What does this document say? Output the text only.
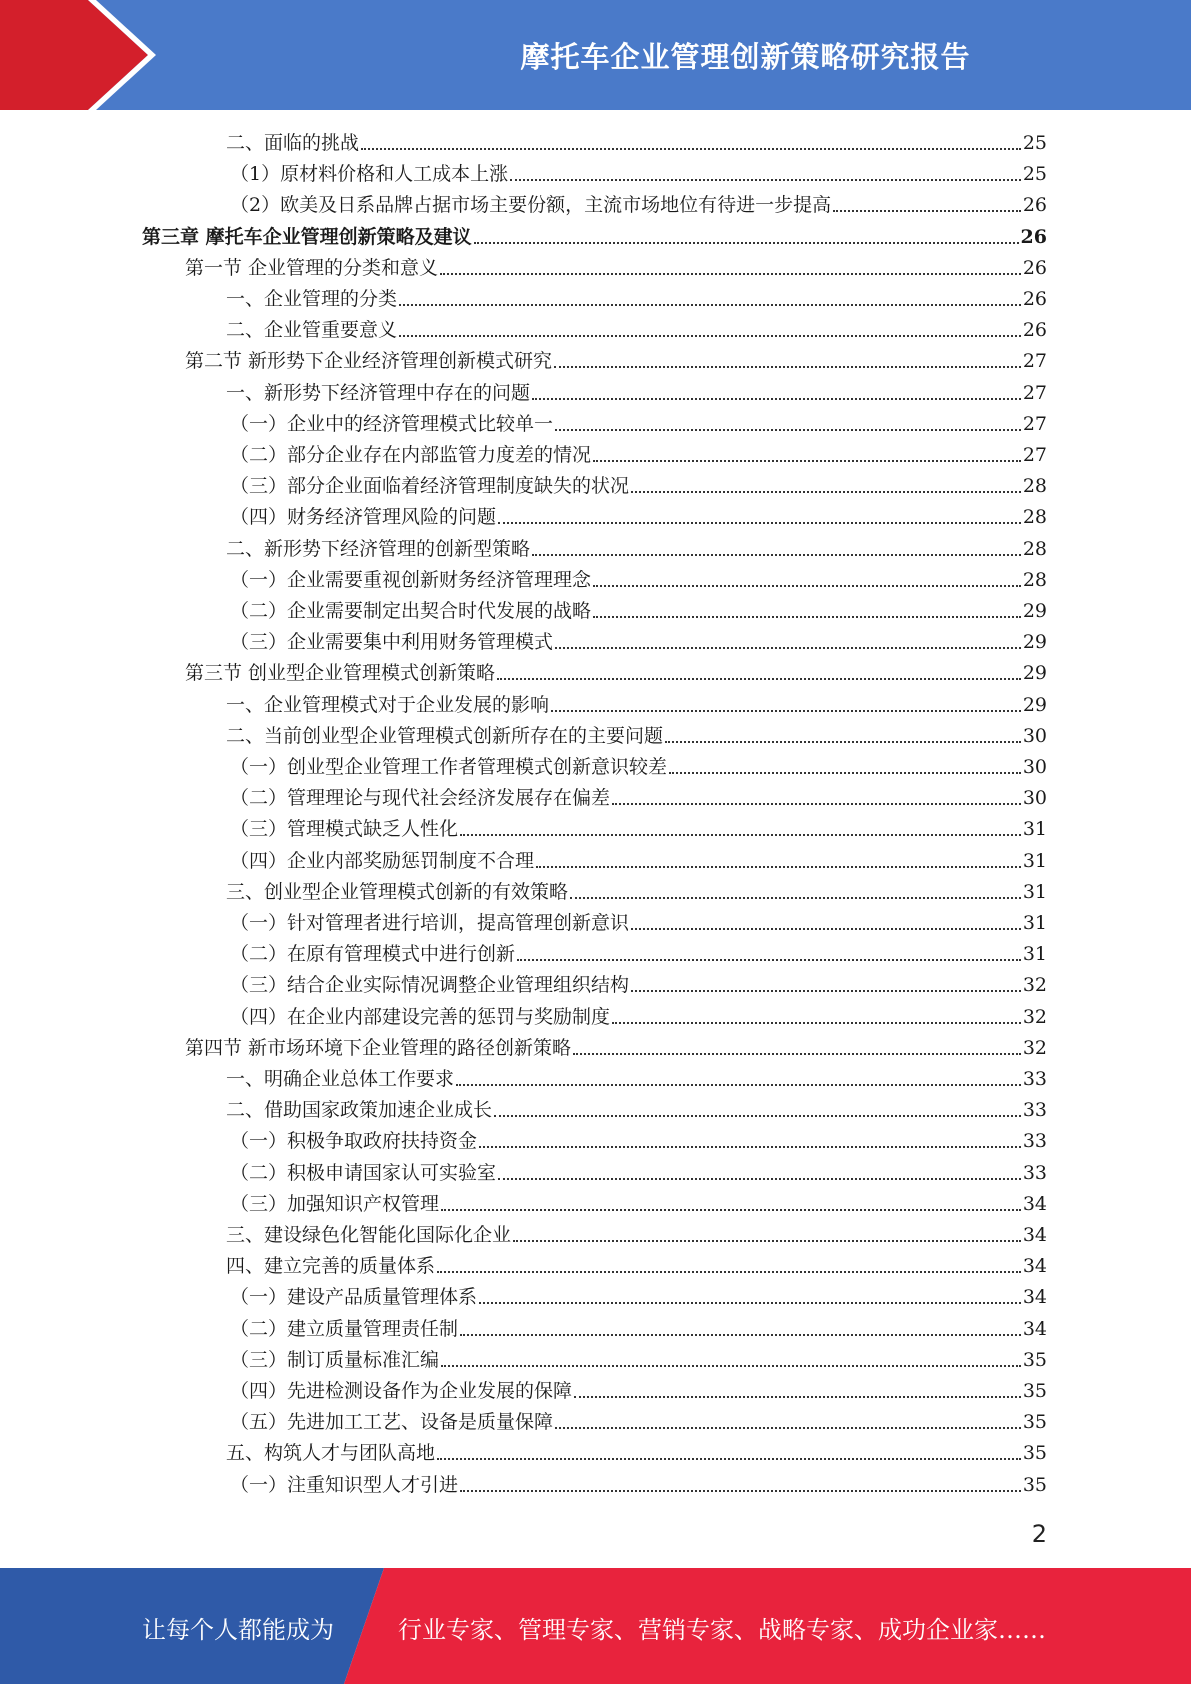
摩托车企业管理创新策略研究报告
二、面临的挑战	25
（1）原材料价格和人工成本上涨	25
（2）欧美及日系品牌占据市场主要份额，主流市场地位有待进一步提高	26
第三章 摩托车企业管理创新策略及建议	26
第一节 企业管理的分类和意义	26
一、企业管理的分类	26
二、企业管重要意义	26
第二节 新形势下企业经济管理创新模式研究	27
一、新形势下经济管理中存在的问题	27
（一）企业中的经济管理模式比较单一	27
（二）部分企业存在内部监管力度差的情况	27
（三）部分企业面临着经济管理制度缺失的状况	28
（四）财务经济管理风险的问题	28
二、新形势下经济管理的创新型策略	28
（一）企业需要重视创新财务经济管理理念	28
（二）企业需要制定出契合时代发展的战略	29
（三）企业需要集中利用财务管理模式	29
第三节 创业型企业管理模式创新策略	29
一、企业管理模式对于企业发展的影响	29
二、当前创业型企业管理模式创新所存在的主要问题	30
（一）创业型企业管理工作者管理模式创新意识较差	30
（二）管理理论与现代社会经济发展存在偏差	30
（三）管理模式缺乏人性化	31
（四）企业内部奖励惩罚制度不合理	31
三、创业型企业管理模式创新的有效策略	31
（一）针对管理者进行培训，提高管理创新意识	31
（二）在原有管理模式中进行创新	31
（三）结合企业实际情况调整企业管理组织结构	32
（四）在企业内部建设完善的惩罚与奖励制度	32
第四节 新市场环境下企业管理的路径创新策略	32
一、明确企业总体工作要求	33
二、借助国家政策加速企业成长	33
（一）积极争取政府扶持资金	33
（二）积极申请国家认可实验室	33
（三）加强知识产权管理	34
三、建设绿色化智能化国际化企业	34
四、建立完善的质量体系	34
（一）建设产品质量管理体系	34
（二）建立质量管理责任制	34
（三）制订质量标准汇编	35
（四）先进检测设备作为企业发展的保障	35
（五）先进加工工艺、设备是质量保障	35
五、构筑人才与团队高地	35
（一）注重知识型人才引进	35
2
让每个人都能成为	行业专家、管理专家、营销专家、战略专家、成功企业家……
